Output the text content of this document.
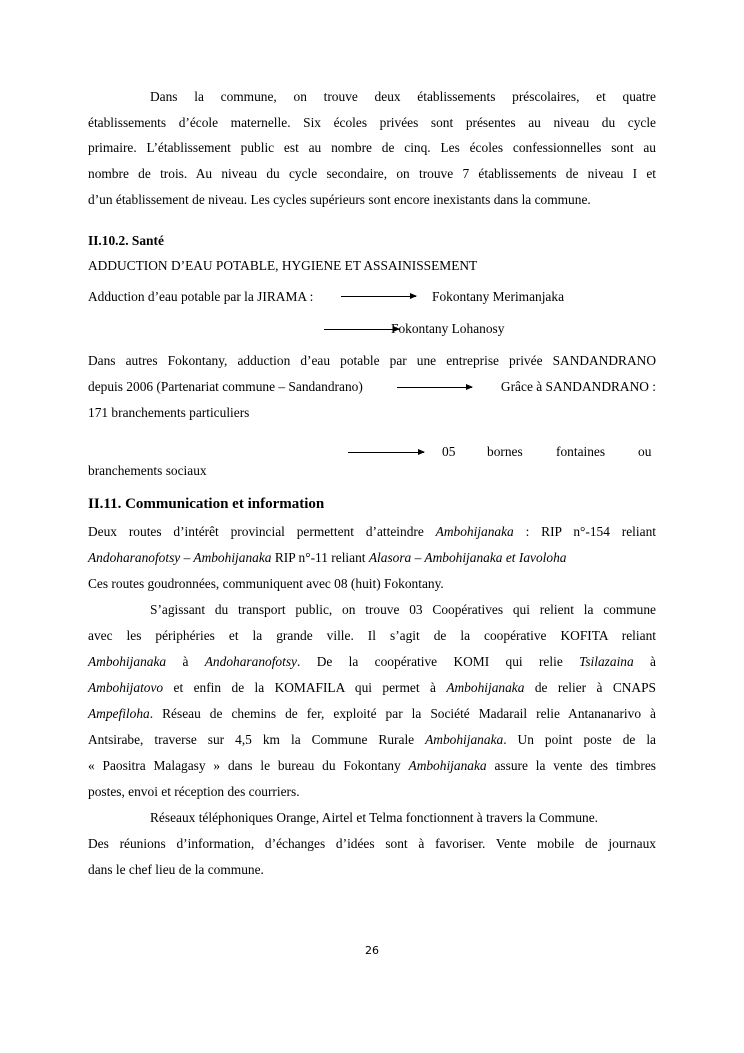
Dans la commune, on trouve deux établissements préscolaires, et quatre
établissements d’école maternelle. Six écoles privées sont présentes au niveau du cycle
primaire. L’établissement public est au nombre de cinq. Les écoles confessionnelles sont au
nombre de trois. Au niveau du cycle secondaire, on trouve 7 établissements de niveau I et
d’un établissement de niveau. Les cycles supérieurs sont encore inexistants dans la commune.
II.10.2. Santé
ADDUCTION D’EAU POTABLE, HYGIENE ET ASSAINISSEMENT
Adduction d’eau potable par la JIRAMA :	Fokontany Merimanjaka
Fokontany Lohanosy
Dans autres Fokontany, adduction d’eau potable par une entreprise privée SANDANDRANO
depuis 2006 (Partenariat commune – Sandandrano)	Grâce à SANDANDRANO :
171 branchements particuliers
05 bornes fontaines ou
branchements sociaux
II.11. Communication et information
Deux routes d’intérêt provincial permettent d’atteindre Ambohijanaka : RIP n°-154 reliant
Andoharanofotsy – Ambohijanaka RIP n°-11 reliant Alasora – Ambohijanaka et Iavoloha
Ces routes goudronnées, communiquent avec 08 (huit) Fokontany.
S’agissant du transport public, on trouve 03 Coopératives qui relient la commune
avec les périphéries et la grande ville. Il s’agit de la coopérative KOFITA reliant
Ambohijanaka à Andoharanofotsy. De la coopérative KOMI qui relie Tsilazaina à
Ambohijatovo et enfin de la KOMAFILA qui permet à Ambohijanaka de relier à CNAPS
Ampefiloha. Réseau de chemins de fer, exploité par la Société Madarail relie Antananarivo à
Antsirabe, traverse sur 4,5 km la Commune Rurale Ambohijanaka. Un point poste de la
« Paositra Malagasy » dans le bureau du Fokontany Ambohijanaka assure la vente des timbres
postes, envoi et réception des courriers.
Réseaux téléphoniques Orange, Airtel et Telma fonctionnent à travers la Commune.
Des réunions d’information, d’échanges d’idées sont à favoriser. Vente mobile de journaux
dans le chef lieu de la commune.
26
